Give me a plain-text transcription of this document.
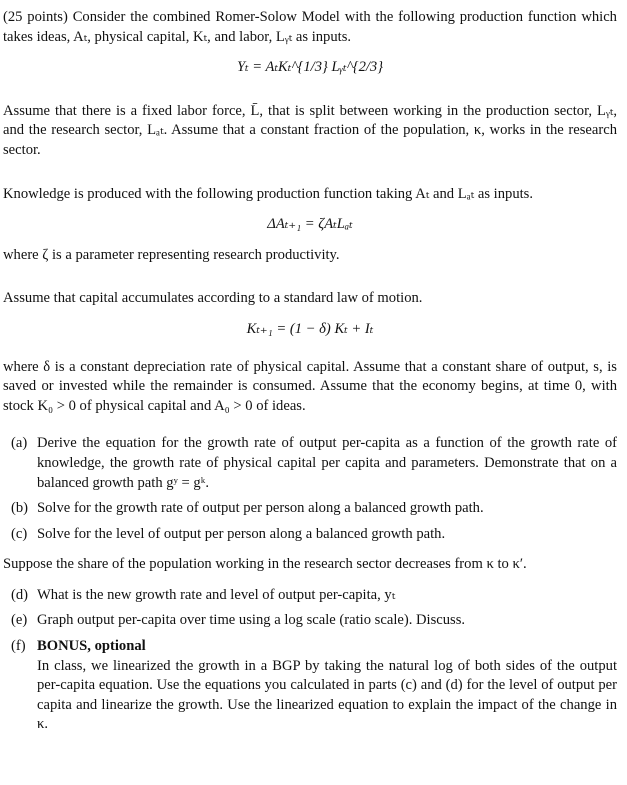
(25 points) Consider the combined Romer-Solow Model with the following production function which takes ideas, Aₜ, physical capital, Kₜ, and labor, Lᵧₜ as inputs.

Yₜ = AₜKₜ^{1/3} Lᵧₜ^{2/3}

Assume that there is a fixed labor force, L̄, that is split between working in the production sector, Lᵧₜ, and the research sector, Lₐₜ. Assume that a constant fraction of the population, κ, works in the research sector.

Knowledge is produced with the following production function taking Aₜ and Lₐₜ as inputs.

ΔAₜ₊₁ = ζAₜLₐₜ

where ζ is a parameter representing research productivity.

Assume that capital accumulates according to a standard law of motion.

Kₜ₊₁ = (1 − δ) Kₜ + Iₜ

where δ is a constant depreciation rate of physical capital. Assume that a constant share of output, s, is saved or invested while the remainder is consumed. Assume that the economy begins, at time 0, with stock K₀ > 0 of physical capital and A₀ > 0 of ideas.

(a) Derive the equation for the growth rate of output per-capita as a function of the growth rate of knowledge, the growth rate of physical capital per capita and parameters. Demonstrate that on a balanced growth path gʸ = gᵏ.
(b) Solve for the growth rate of output per person along a balanced growth path.
(c) Solve for the level of output per person along a balanced growth path.

Suppose the share of the population working in the research sector decreases from κ to κ′.

(d) What is the new growth rate and level of output per-capita, yₜ
(e) Graph output per-capita over time using a log scale (ratio scale). Discuss.
(f) BONUS, optional
In class, we linearized the growth in a BGP by taking the natural log of both sides of the output per-capita equation. Use the equations you calculated in parts (c) and (d) for the level of output per capita and linearize the growth. Use the linearized equation to explain the impact of the change in κ.
